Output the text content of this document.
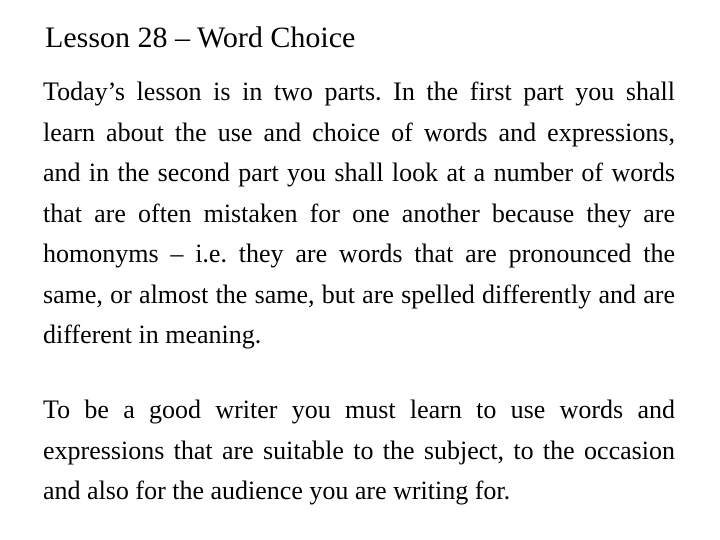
Lesson 28 – Word Choice

Today’s lesson is in two parts. In the first part you shall learn about the use and choice of words and expressions, and in the second part you shall look at a number of words that are often mistaken for one another because they are homonyms – i.e. they are words that are pronounced the same, or almost the same, but are spelled differently and are different in meaning.

To be a good writer you must learn to use words and expressions that are suitable to the subject, to the occasion and also for the audience you are writing for.
